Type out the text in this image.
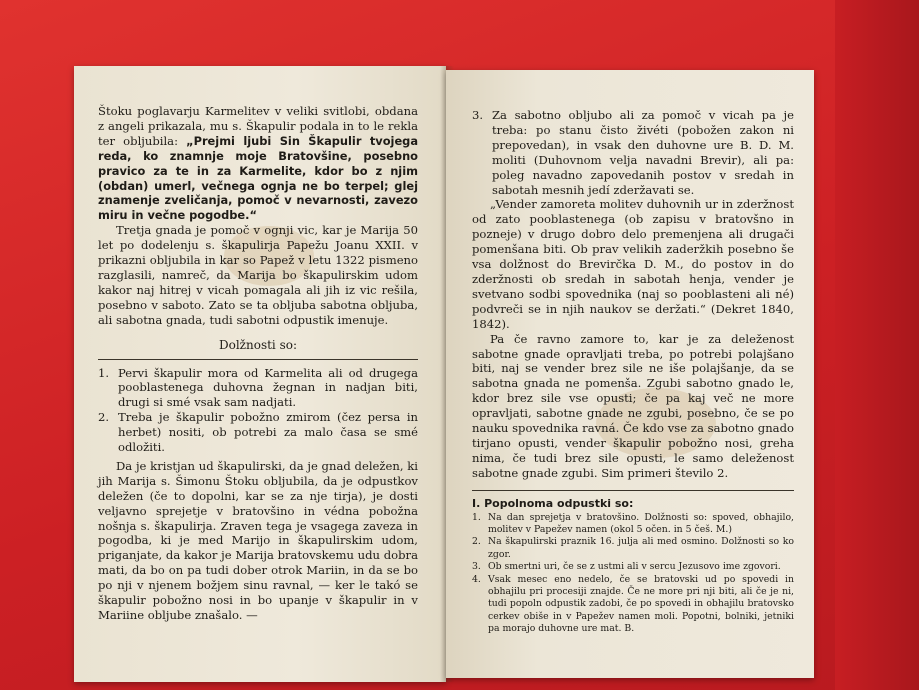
Štoku poglavarju Karmelitev v veliki svitlobi, obdana z angeli prikazala, mu s. Škapulir podala in to le rekla ter obljubila: „Prejmi ljubi Sin Škapulir tvojega reda, ko znamnje moje Bratovšine, posebno pravico za te in za Karmelite, kdor bo z njim (obdan) umerl, večnega ognja ne bo terpel; glej znamenje zveličanja, pomoč v nevarnosti, zavezo miru in večne pogodbe.“

Tretja gnada je pomoč v ognji vic, kar je Marija 50 let po dodelenju s. škapulirja Papežu Joanu XXII. v prikazni obljubila in kar so Papež v letu 1322 pismeno razglasili, namreč, da Marija bo škapulirskim udom kakor naj hitrej v vicah pomagala ali jih iz vic rešila, posebno v saboto. Zato se ta obljuba sabotna obljuba, ali sabotna gnada, tudi sabotni odpustik imenuje.

Dolžnosti so:

1. Pervi škapulir mora od Karmelita ali od drugega pooblastenega duhovna žegnan in nadjan biti, drugi si smé vsak sam nadjati.
2. Treba je škapulir pobožno zmirom (čez persa in herbet) nositi, ob potrebi za malo časa se smé odložiti.

Da je kristjan ud škapulirski, da je gnad deležen, ki jih Marija s. Šimonu Štoku obljubila, da je odpustkov deležen (če to dopolni, kar se za nje tirja), je dosti veljavno sprejetje v bratovšino in védna pobožna nošnja s. škapulirja. Zraven tega je vsagega zaveza in pogodba, ki je med Marijo in škapulirskim udom, priganjate, da kakor je Marija bratovskemu udu dobra mati, da bo on pa tudi dober otrok Mariin, in da se bo po nji v njenem božjem sinu ravnal, — ker le takó se škapulir pobožno nosi in bo upanje v škapulir in v Mariine obljube znašalo. —

3. Za sabotno obljubo ali za pomoč v vicah pa je treba: po stanu čisto živéti (pobožen zakon ni prepovedan), in vsak den duhovne ure B. D. M. moliti (Duhovnom velja navadni Brevir), ali pa: poleg navadno zapovedanih postov v sredah in sabotah mesnih jedí zderžavati se.

„Vender zamoreta molitev duhovnih ur in zderžnost od zato pooblastenega (ob zapisu v bratovšno in pozneje) v drugo dobro delo premenjena ali drugači pomenšana biti. Ob prav velikih zaderžkih posebno še vsa dolžnost do Brevirčka D. M., do postov in do zderžnosti ob sredah in sabotah henja, vender je svetvano sodbi spovednika (naj so pooblasteni ali né) podvreči se in njih naukov se deržati.“ (Dekret 1840, 1842).

Pa če ravno zamore to, kar je za deleženost sabotne gnade opravljati treba, po potrebi polajšano biti, naj se vender brez sile ne iše polajšanje, da se sabotna gnada ne pomenša. Zgubi sabotno gnado le, kdor brez sile vse opusti; če pa kaj več ne more opravljati, sabotne gnade ne zgubi, posebno, če se po nauku spovednika ravná. Če kdo vse za sabotno gnado tirjano opusti, vender škapulir pobožno nosi, greha nima, če tudi brez sile opusti, le samo deleženost sabotne gnade zgubi. Sim primeri število 2.

I. Popolnoma odpustki so:

1. Na dan sprejetja v bratovšino. Dolžnosti so: spoved, obhajilo, molitev v Papežev namen (okol 5 očen. in 5 češ. M.)
2. Na škapulirski praznik 16. julja ali med osmino. Dolžnosti so ko zgor.
3. Ob smertni uri, če se z ustmi ali v sercu Jezusovo ime zgovori.
4. Vsak mesec eno nedelo, če se bratovski ud po spovedi in obhajilu pri procesiji znajde. Če ne more pri nji biti, ali če je ni, tudi popoln odpustik zadobi, če po spovedi in obhajilu bratovsko cerkev obiše in v Papežev namen moli. Popotni, bolniki, jetniki pa morajo duhovne ure mat. B.
